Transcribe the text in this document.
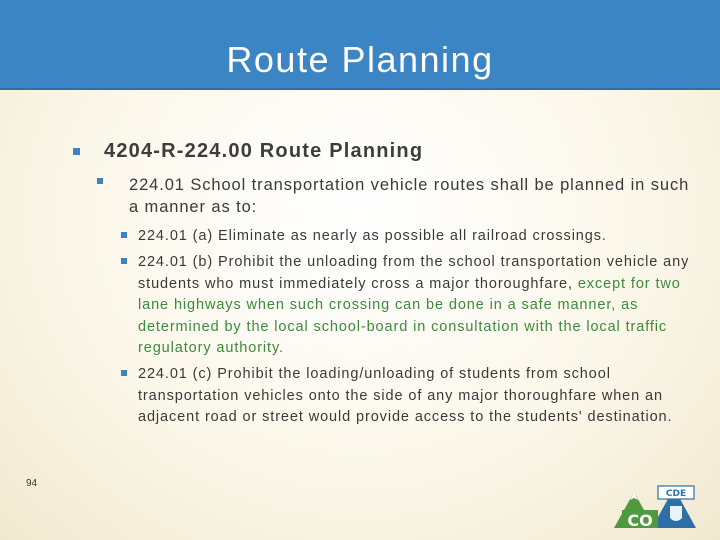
Route Planning
4204-R-224.00 Route Planning
224.01 School transportation vehicle routes shall be planned in such a manner as to:
224.01 (a) Eliminate as nearly as possible all railroad crossings.
224.01 (b) Prohibit the unloading from the school transportation vehicle any students who must immediately cross a major thoroughfare, except for two lane highways when such crossing can be done in a safe manner, as determined by the local school-board in consultation with the local traffic regulatory authority.
224.01 (c) Prohibit the loading/unloading of students from school transportation vehicles onto the side of any major thoroughfare when an adjacent road or street would provide access to the students' destination.
94
CDE
CO
